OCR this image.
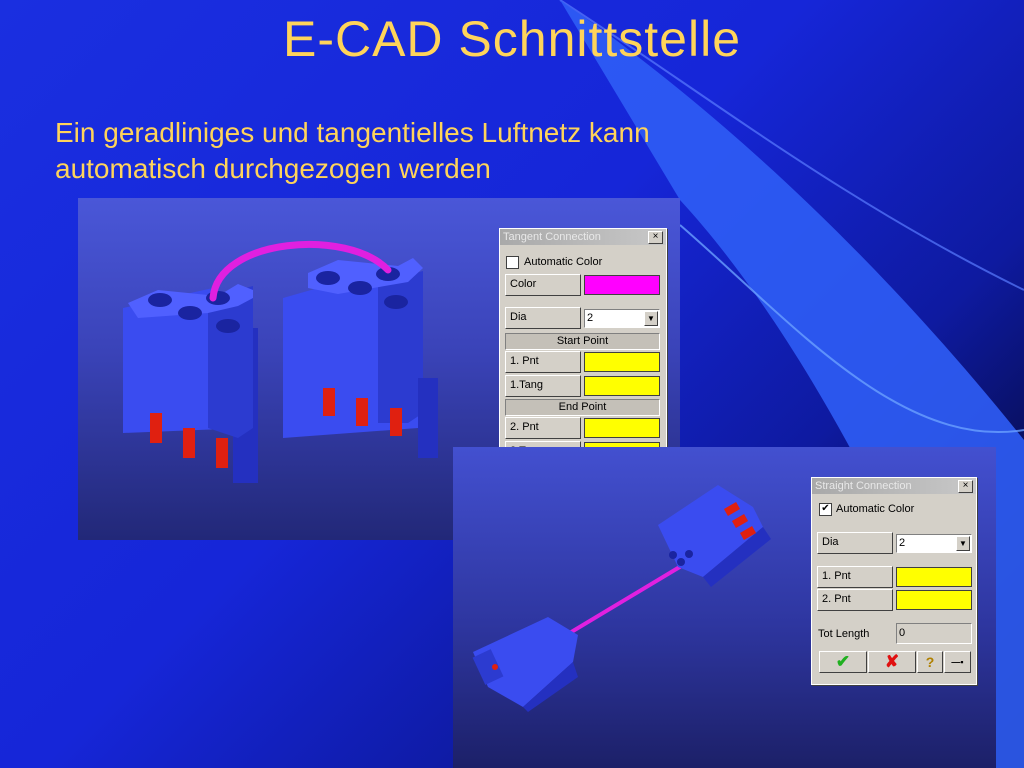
E-CAD Schnittstelle
Ein geradliniges und tangentielles Luftnetz kann
automatisch durchgezogen werden
Tangent Connection	×
Automatic Color
Color
Dia	2	▼
Start Point
1. Pnt
1.Tang
End Point
2. Pnt
Straight Connection	×
✔ Automatic Color
Dia	2	▼
1. Pnt
2. Pnt
Tot Length	0
✔	✘	?	—▪
